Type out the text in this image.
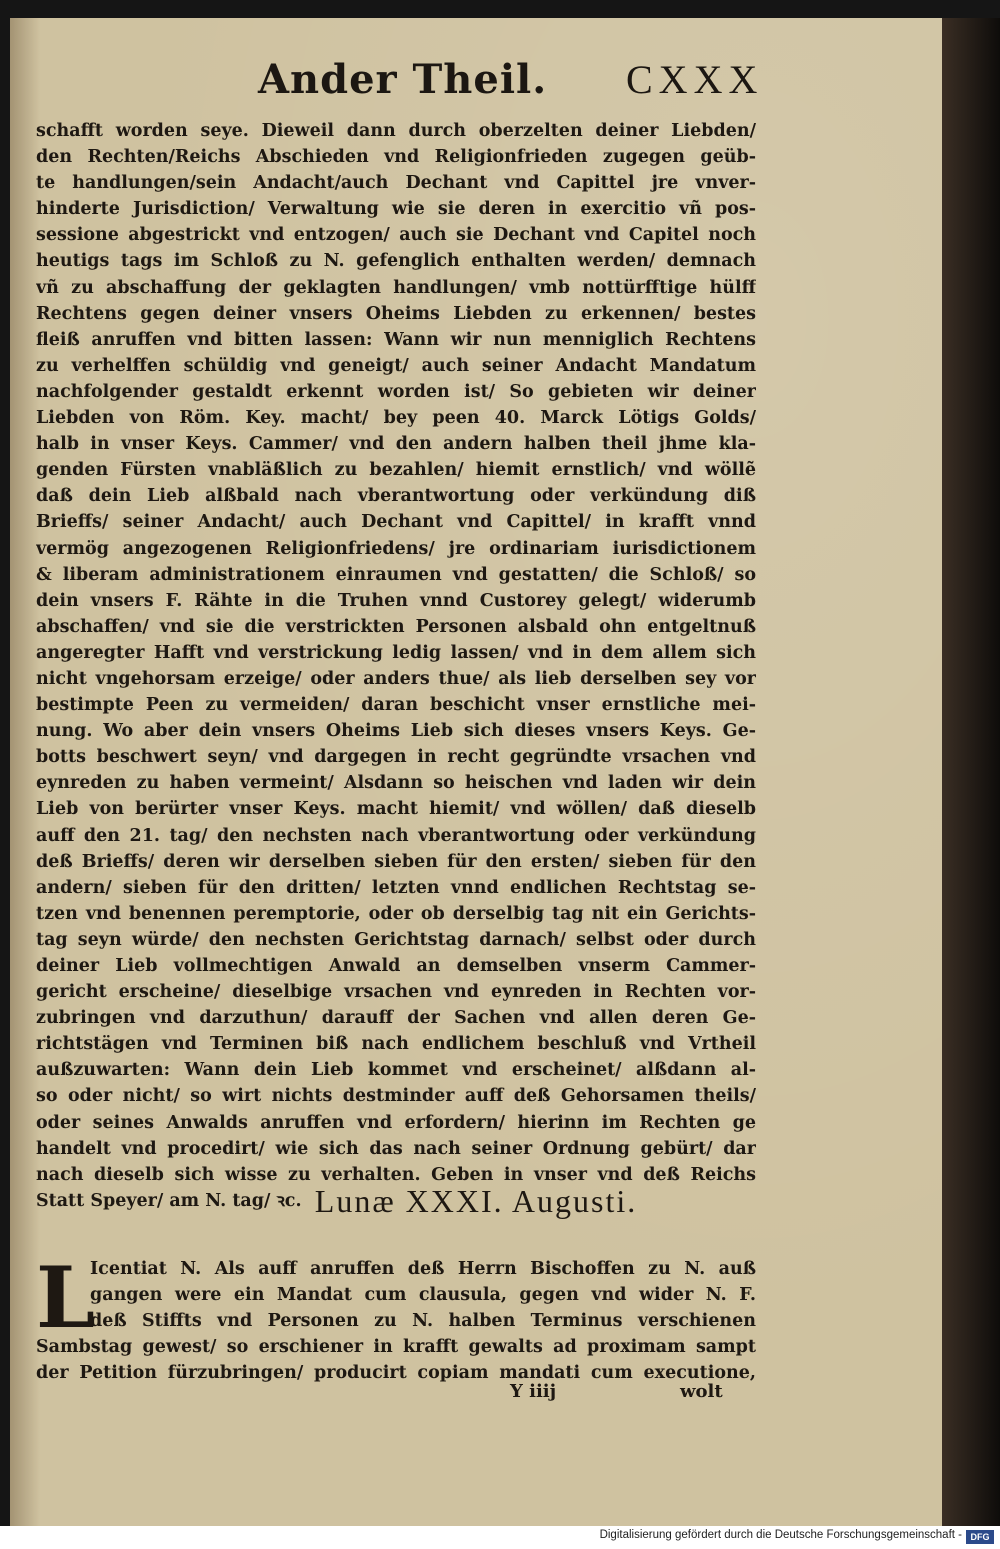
Ander Theil. CXXX
schafft worden seye. Dieweil dann durch oberzelten deiner Liebden/
den Rechten/Reichs Abschieden vnd Religionfrieden zugegen geüb-
te handlungen/sein Andacht/auch Dechant vnd Capittel jre vnver-
hinderte Jurisdiction/ Verwaltung wie sie deren in exercitio vñ pos-
sessione abgestrickt vnd entzogen/ auch sie Dechant vnd Capitel noch
heutigs tags im Schloß zu N. gefenglich enthalten werden/ demnach
vñ zu abschaffung der geklagten handlungen/ vmb nottürfftige hülff
Rechtens gegen deiner vnsers Oheims Liebden zu erkennen/ bestes
fleiß anruffen vnd bitten lassen: Wann wir nun menniglich Rechtens
zu verhelffen schüldig vnd geneigt/ auch seiner Andacht Mandatum
nachfolgender gestaldt erkennt worden ist/ So gebieten wir deiner
Liebden von Röm. Key. macht/ bey peen 40. Marck Lötigs Golds/
halb in vnser Keys. Cammer/ vnd den andern halben theil jhme kla-
genden Fürsten vnabläßlich zu bezahlen/ hiemit ernstlich/ vnd wöllẽ
daß dein Lieb alßbald nach vberantwortung oder verkündung diß
Brieffs/ seiner Andacht/ auch Dechant vnd Capittel/ in krafft vnnd
vermög angezogenen Religionfriedens/ jre ordinariam iurisdictionem
& liberam administrationem einraumen vnd gestatten/ die Schloß/ so
dein vnsers F. Rähte in die Truhen vnnd Custorey gelegt/ widerumb
abschaffen/ vnd sie die verstrickten Personen alsbald ohn entgeltnuß
angeregter Hafft vnd verstrickung ledig lassen/ vnd in dem allem sich
nicht vngehorsam erzeige/ oder anders thue/ als lieb derselben sey vor
bestimpte Peen zu vermeiden/ daran beschicht vnser ernstliche mei-
nung. Wo aber dein vnsers Oheims Lieb sich dieses vnsers Keys. Ge-
botts beschwert seyn/ vnd dargegen in recht gegründte vrsachen vnd
eynreden zu haben vermeint/ Alsdann so heischen vnd laden wir dein
Lieb von berürter vnser Keys. macht hiemit/ vnd wöllen/ daß dieselb
auff den 21. tag/ den nechsten nach vberantwortung oder verkündung
deß Brieffs/ deren wir derselben sieben für den ersten/ sieben für den
andern/ sieben für den dritten/ letzten vnnd endlichen Rechtstag se-
tzen vnd benennen peremptorie, oder ob derselbig tag nit ein Gerichts-
tag seyn würde/ den nechsten Gerichtstag darnach/ selbst oder durch
deiner Lieb vollmechtigen Anwald an demselben vnserm Cammer-
gericht erscheine/ dieselbige vrsachen vnd eynreden in Rechten vor-
zubringen vnd darzuthun/ darauff der Sachen vnd allen deren Ge-
richtstägen vnd Terminen biß nach endlichem beschluß vnd Vrtheil
außzuwarten: Wann dein Lieb kommet vnd erscheinet/ alßdann al-
so oder nicht/ so wirt nichts destminder auff deß Gehorsamen theils/
oder seines Anwalds anruffen vnd erfordern/ hierinn im Rechten ge
handelt vnd procedirt/ wie sich das nach seiner Ordnung gebürt/ dar
nach dieselb sich wisse zu verhalten. Geben in vnser vnd deß Reichs
Statt Speyer/ am N. tag/ ꝛc. Lunæ XXXI. Augusti.
L
Icentiat N. Als auff anruffen deß Herrn Bischoffen zu N. auß
gangen were ein Mandat cum clausula, gegen vnd wider N. F.
deß Stiffts vnd Personen zu N. halben Terminus verschienen
Sambstag gewest/ so erschiener in krafft gewalts ad proximam sampt
der Petition fürzubringen/ producirt copiam mandati cum executione,
Y iiij	wolt
Digitalisierung gefördert durch die Deutsche Forschungsgemeinschaft - DFG
